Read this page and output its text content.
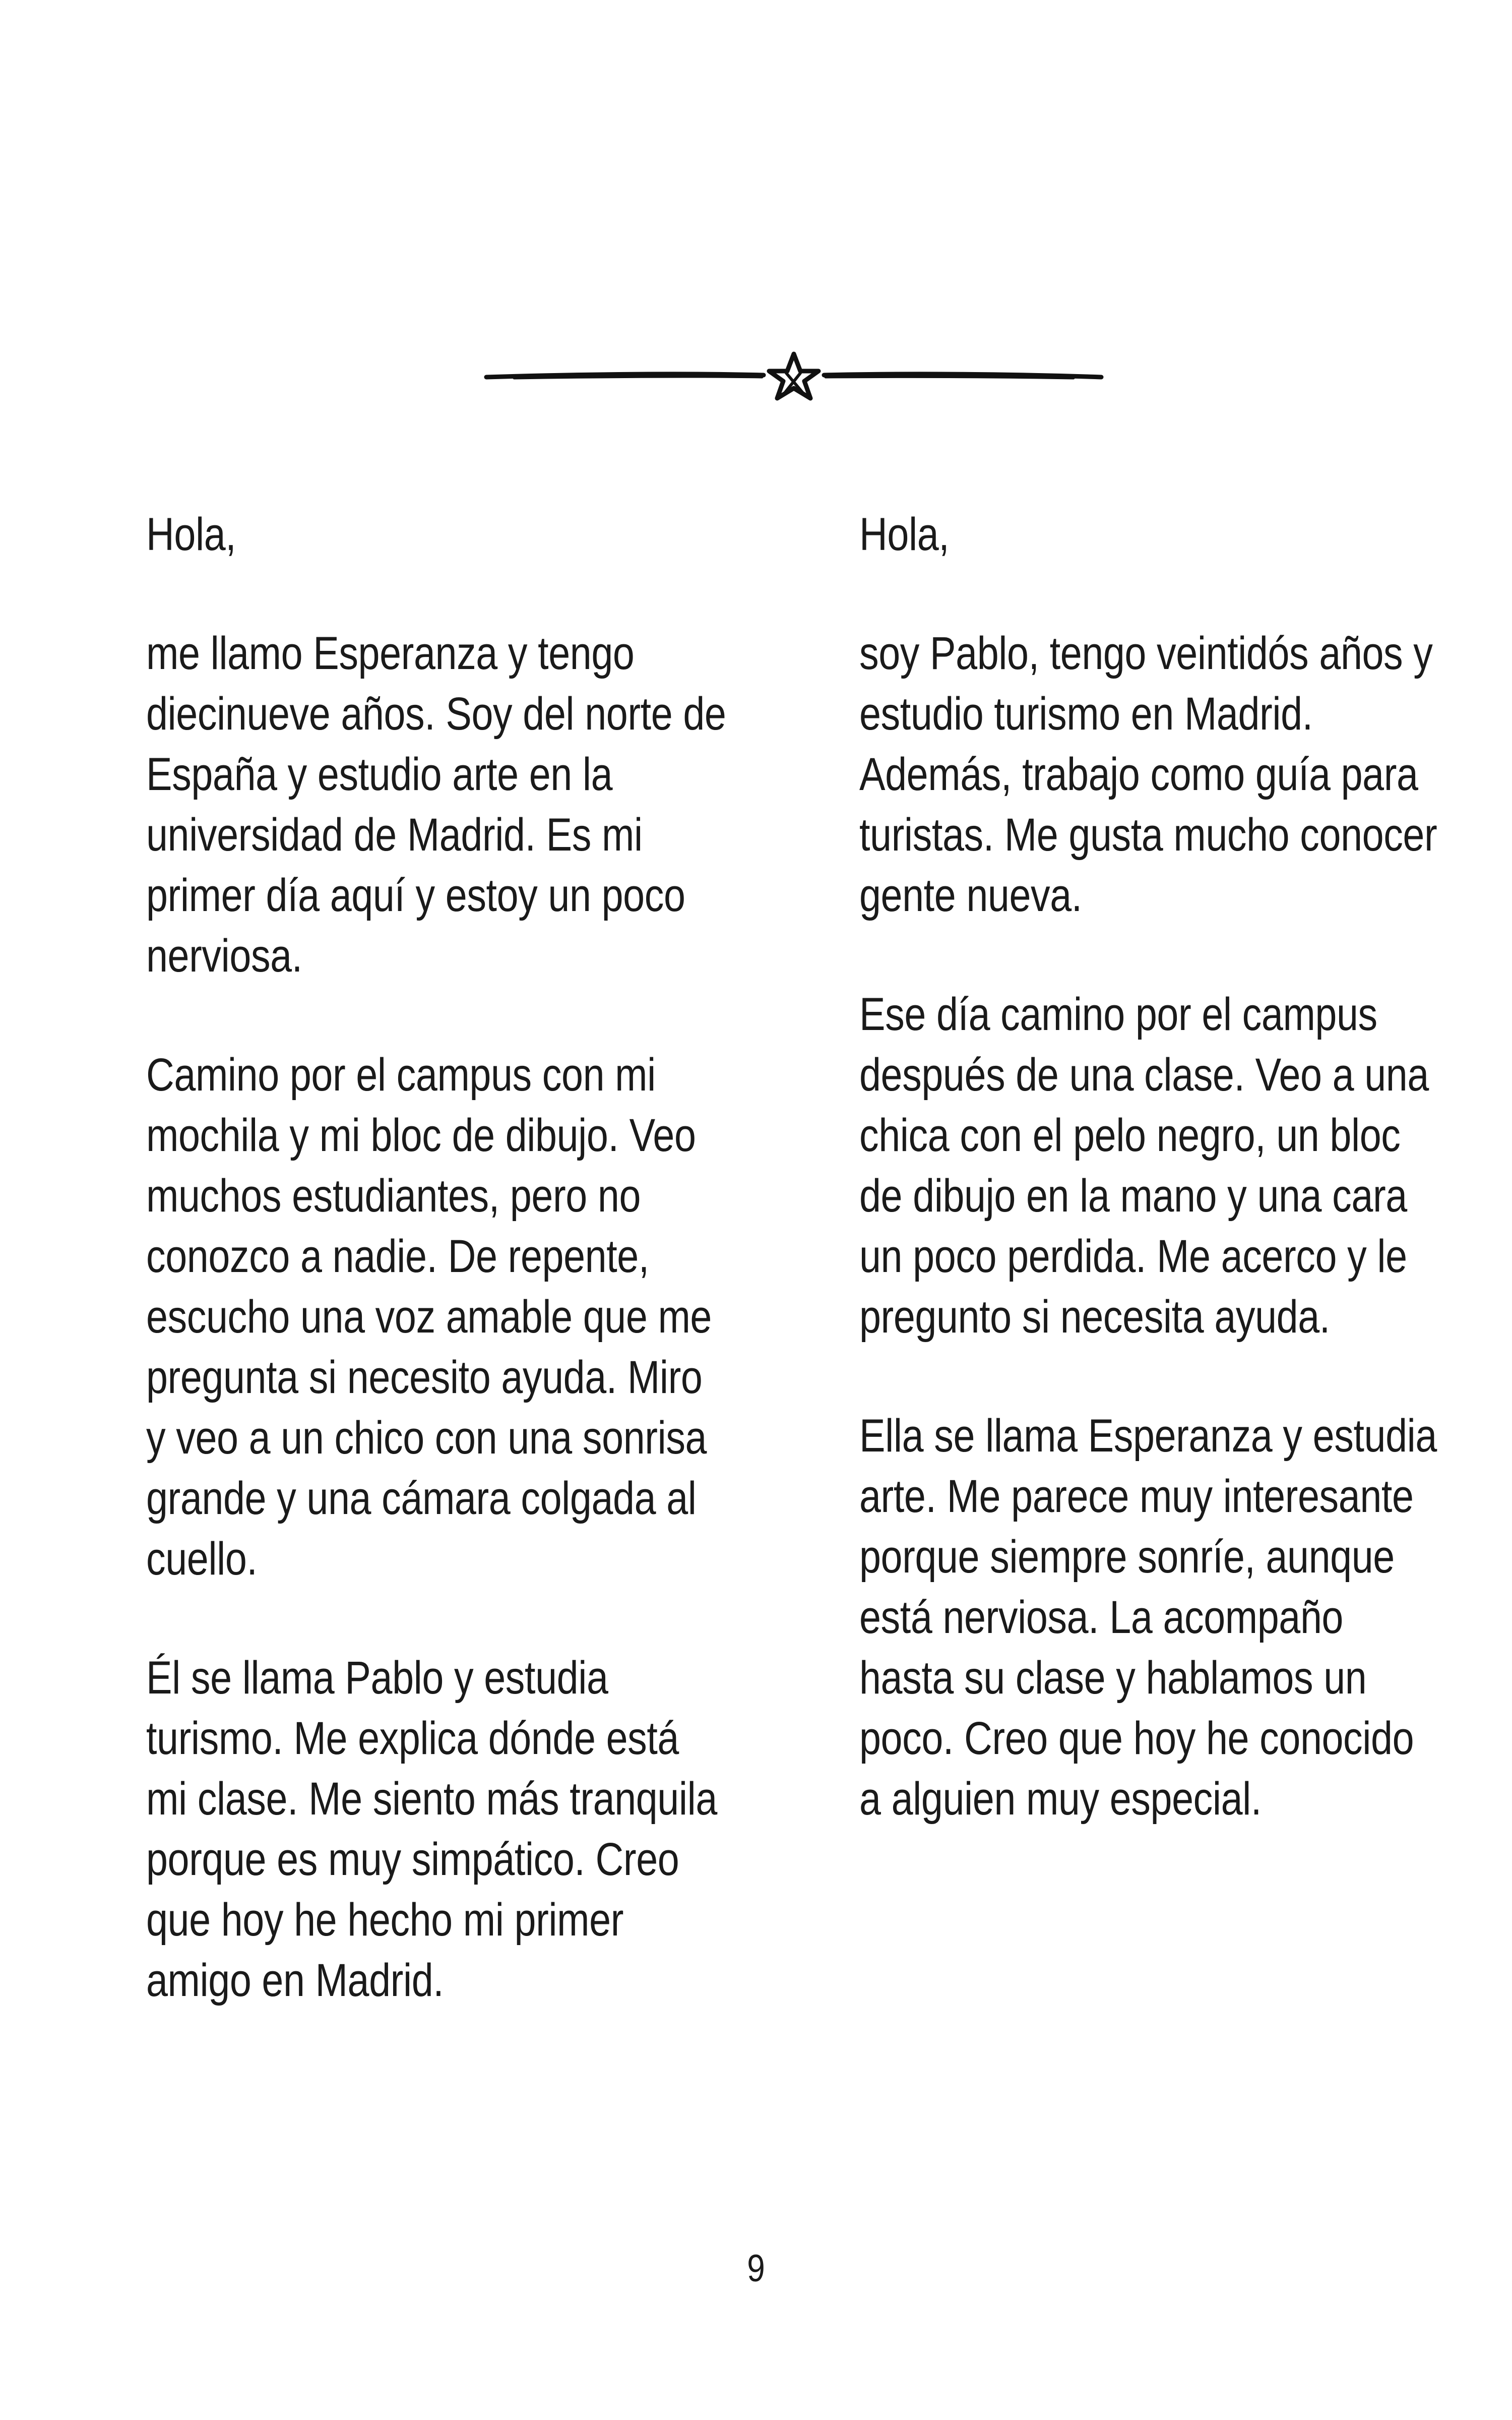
Hola,

me llamo Esperanza y tengo diecinueve años. Soy del norte de España y estudio arte en la universidad de Madrid. Es mi primer día aquí y estoy un poco nerviosa.

Camino por el campus con mi mochila y mi bloc de dibujo. Veo muchos estudiantes, pero no conozco a nadie. De repente, escucho una voz amable que me pregunta si necesito ayuda. Miro y veo a un chico con una sonrisa grande y una cámara colgada al cuello.

Él se llama Pablo y estudia turismo. Me explica dónde está mi clase. Me siento más tranquila porque es muy simpático. Creo que hoy he hecho mi primer amigo en Madrid.

Hola,

soy Pablo, tengo veintidós años y estudio turismo en Madrid. Además, trabajo como guía para turistas. Me gusta mucho conocer gente nueva.

Ese día camino por el campus después de una clase. Veo a una chica con el pelo negro, un bloc de dibujo en la mano y una cara un poco perdida. Me acerco y le pregunto si necesita ayuda.

Ella se llama Esperanza y estudia arte. Me parece muy interesante porque siempre sonríe, aunque está nerviosa. La acompaño hasta su clase y hablamos un poco. Creo que hoy he conocido a alguien muy especial.

9
